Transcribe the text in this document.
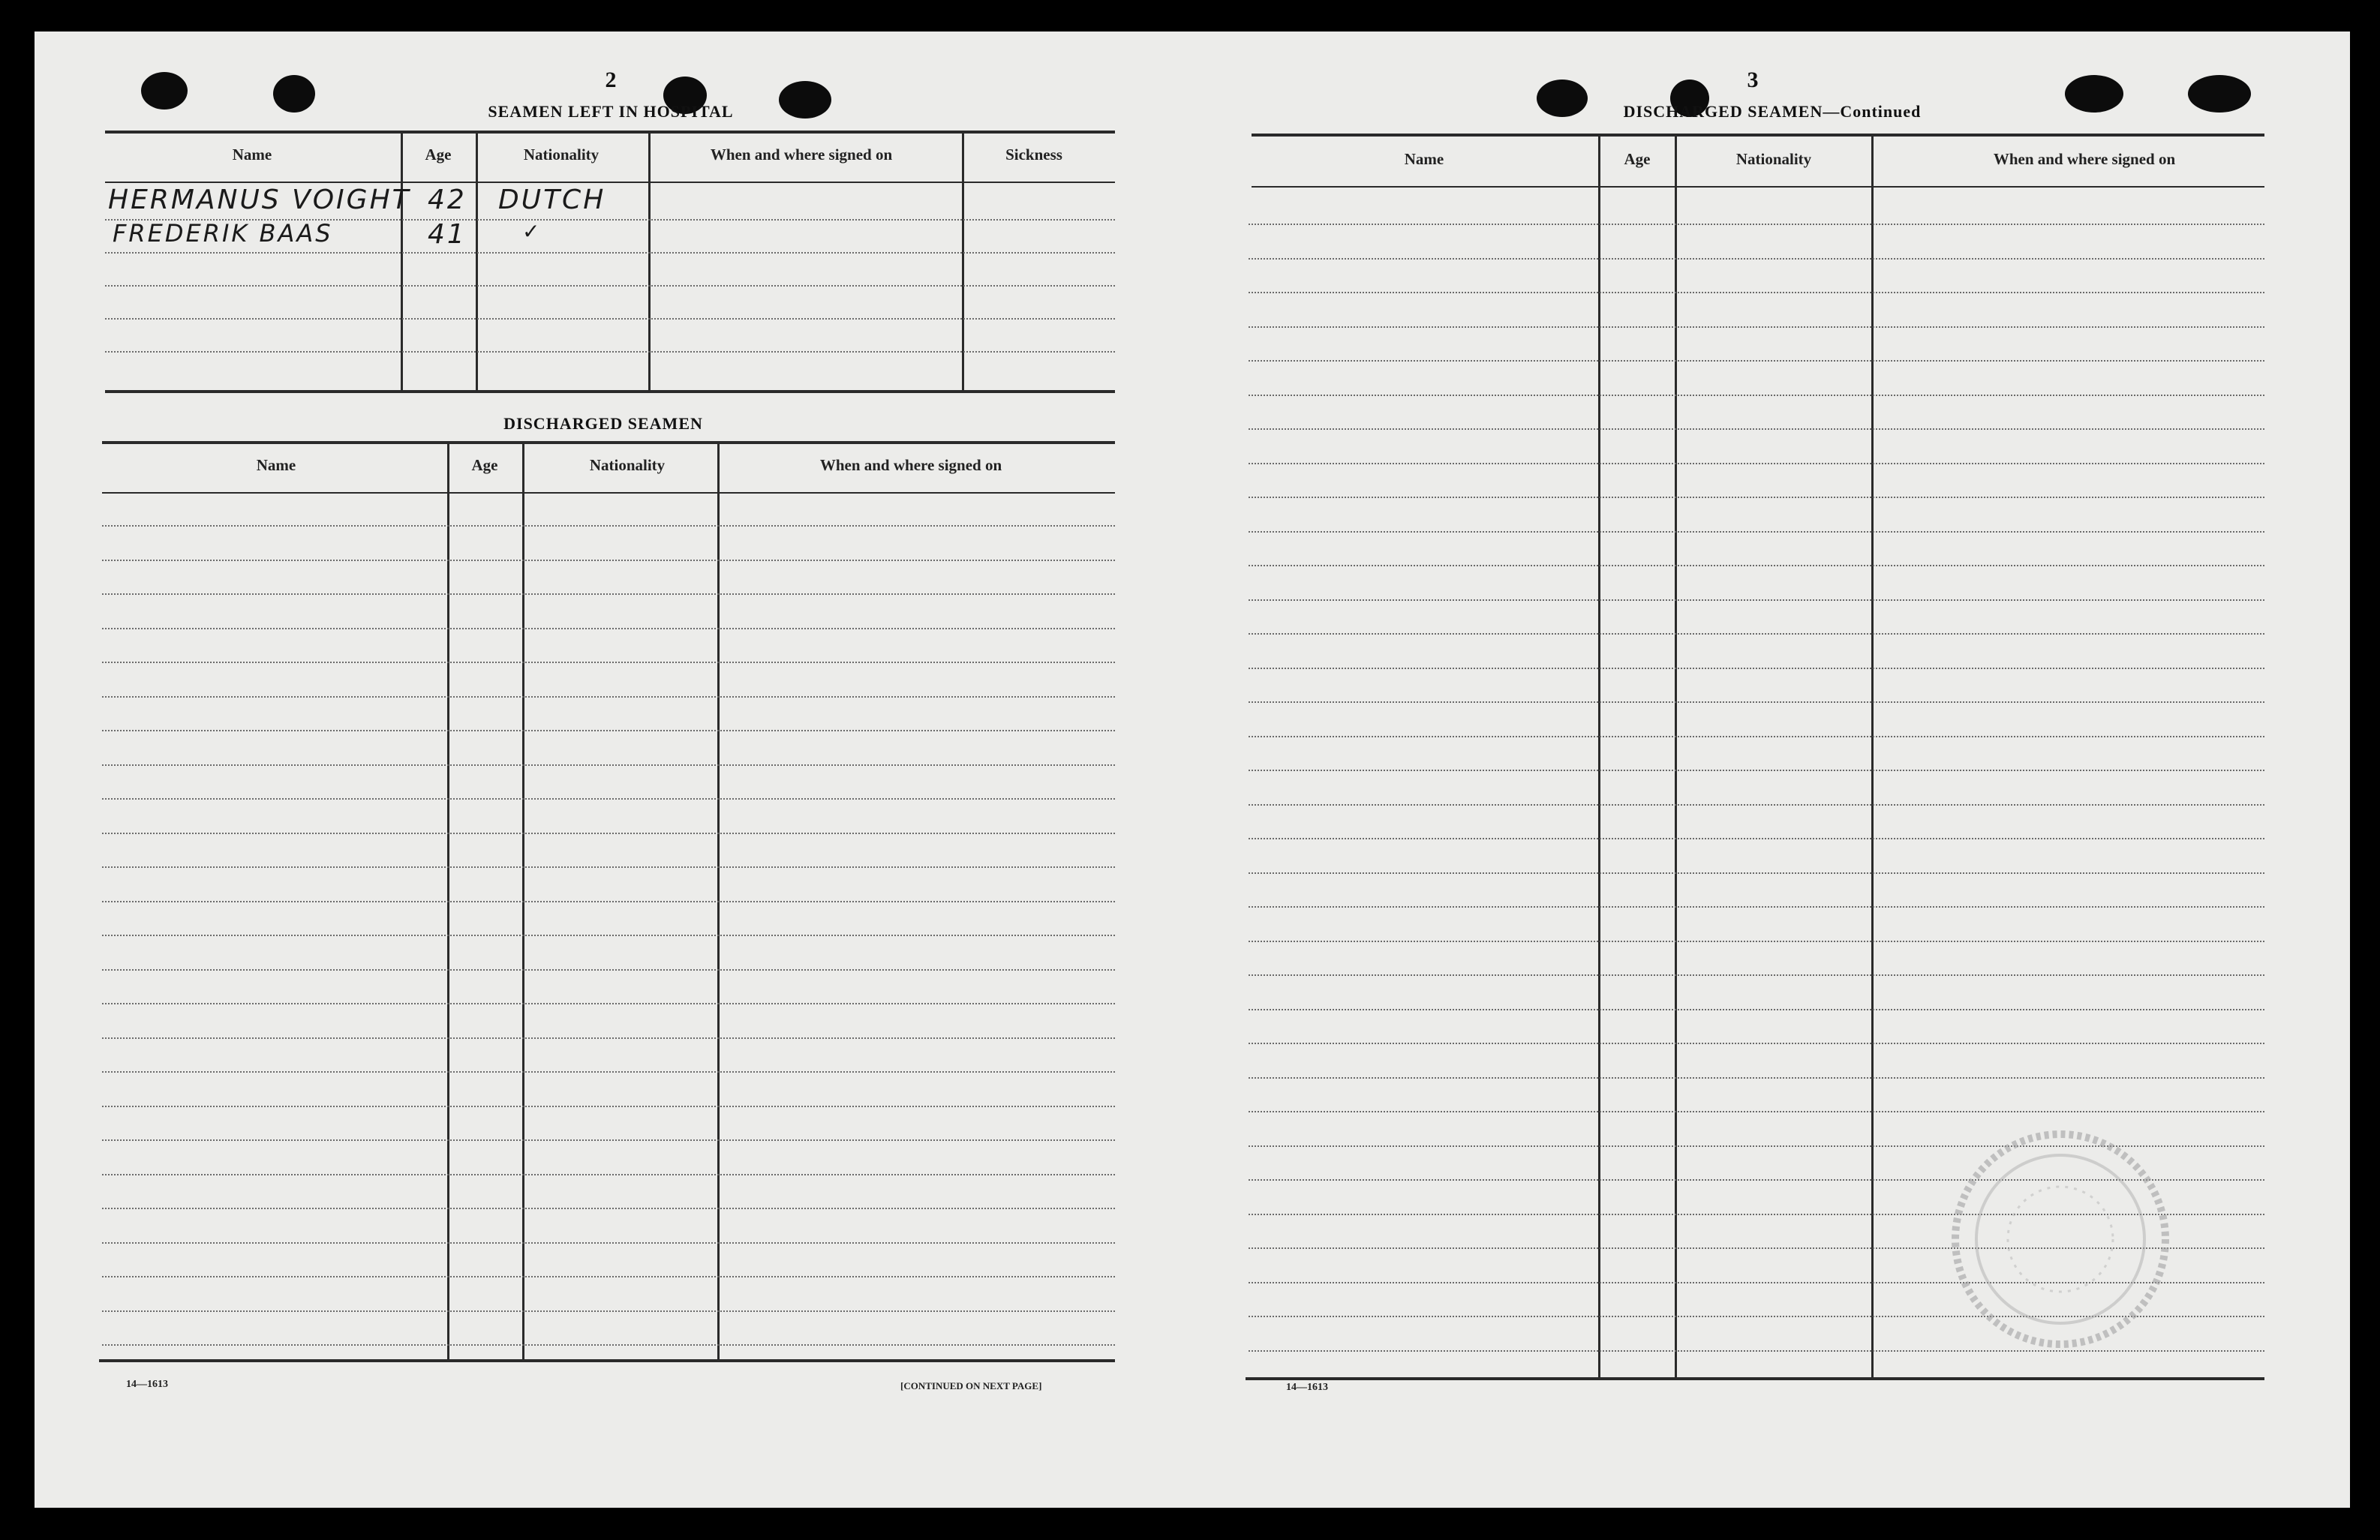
2
SEAMEN LEFT IN HOSPITAL
Name	Age	Nationality	When and where signed on	Sickness
HERMANUS VOIGHT 42 DUTCH
FREDERIK BAAS	41	✓
DISCHARGED SEAMEN
Name	Age	Nationality	When and where signed on
14—1613	[CONTINUED ON NEXT PAGE]
3
DISCHARGED SEAMEN—Continued
Name	Age	Nationality	When and where signed on
14—1613
